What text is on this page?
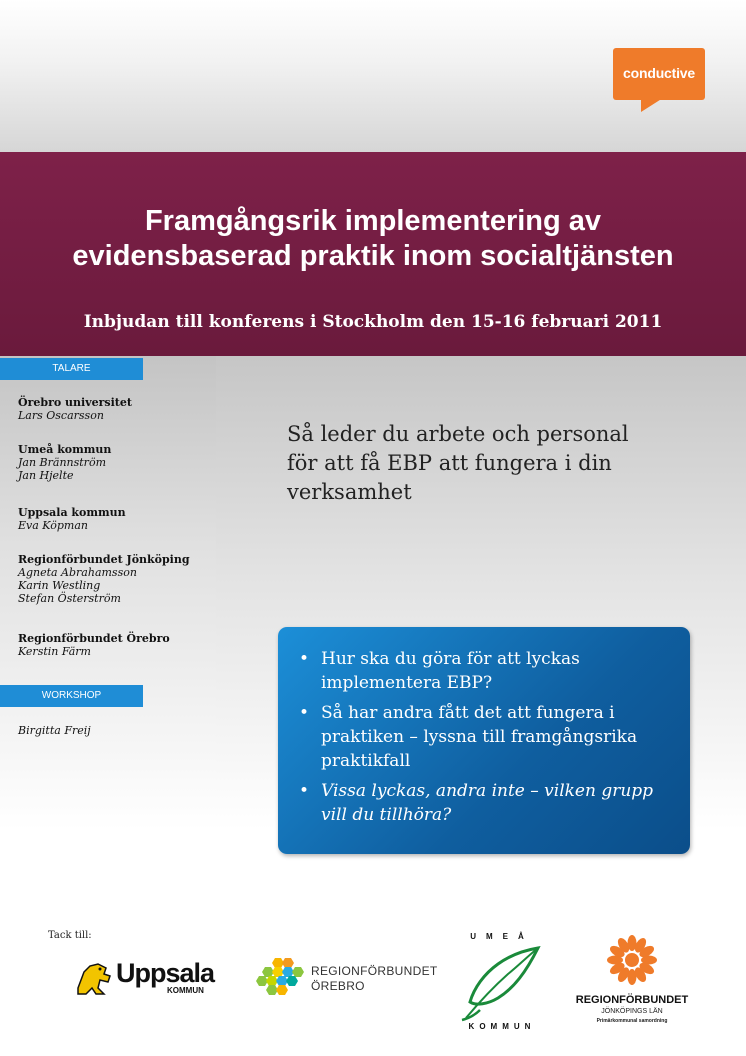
conductive
Framgångsrik implementering av
evidensbaserad praktik inom socialtjänsten
Inbjudan till konferens i Stockholm den 15-16 februari 2011
TALARE
Örebro universitet
Lars Oscarsson
Umeå kommun
Jan Brännström
Jan Hjelte
Uppsala kommun
Eva Köpman
Regionförbundet Jönköping
Agneta Abrahamsson
Karin Westling
Stefan Österström
Regionförbundet Örebro
Kerstin Färm
WORKSHOP
Birgitta Freij
Så leder du arbete och personal
för att få EBP att fungera i din
verksamhet
• Hur ska du göra för att lyckas implementera EBP?
• Så har andra fått det att fungera i praktiken – lyssna till framgångsrika praktikfall
• Vissa lyckas, andra inte – vilken grupp vill du tillhöra?
Tack till:
Uppsala
KOMMUN
REGIONFÖRBUNDET
ÖREBRO
UMEÅ
KOMMUN
REGIONFÖRBUNDET
JÖNKÖPINGS LÄN
Primärkommunal samordning
